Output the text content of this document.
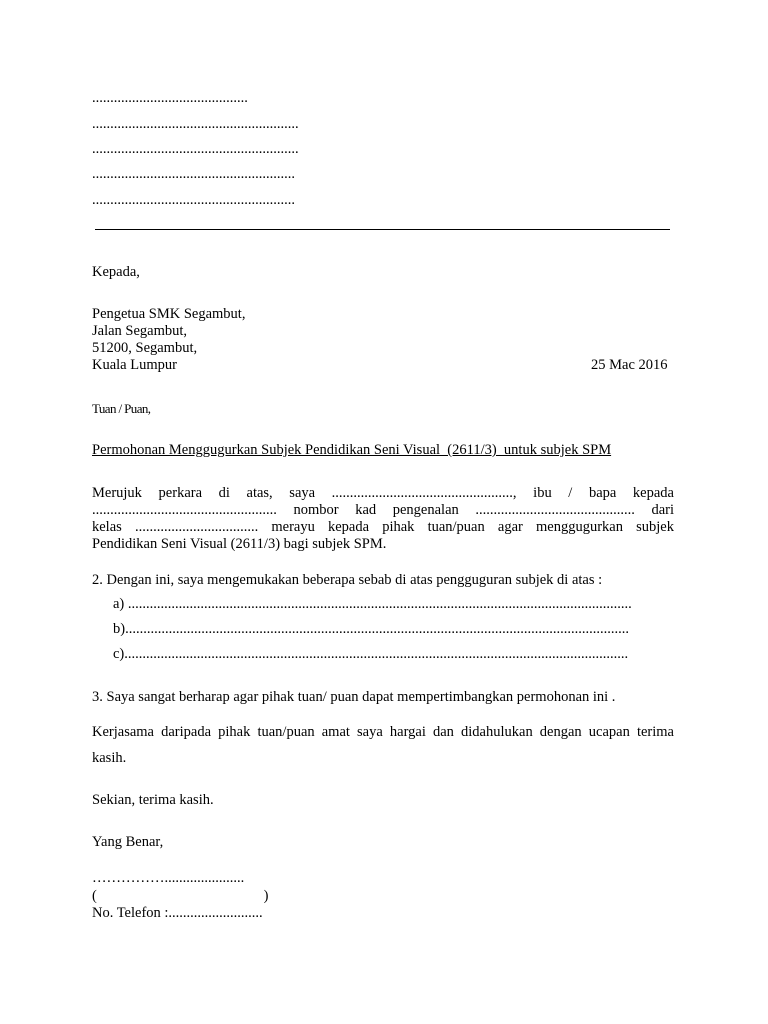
...........................................
.........................................................
.........................................................
........................................................
........................................................
Kepada,
Pengetua SMK Segambut,
Jalan Segambut,
51200, Segambut,
Kuala Lumpur	25 Mac 2016
Tuan / Puan,
Permohonan Menggugurkan Subjek Pendidikan Seni Visual  (2611/3)  untuk subjek SPM
Merujuk perkara di atas, saya .................................................., ibu / bapa kepada
................................................... nombor kad pengenalan ............................................ dari
kelas .................................. merayu kepada pihak tuan/puan agar menggugurkan subjek
Pendidikan Seni Visual (2611/3) bagi subjek SPM.
2. Dengan ini, saya mengemukakan beberapa sebab di atas pengguguran subjek di atas :
a) ...........................................................................................................................................
b)...........................................................................................................................................
c)...........................................................................................................................................
3. Saya sangat berharap agar pihak tuan/ puan dapat mempertimbangkan permohonan ini .
Kerjasama daripada pihak tuan/puan amat saya hargai dan didahulukan dengan ucapan terima
kasih.
Sekian, terima kasih.
Yang Benar,
……………......................
(                                              )
No. Telefon :..........................
